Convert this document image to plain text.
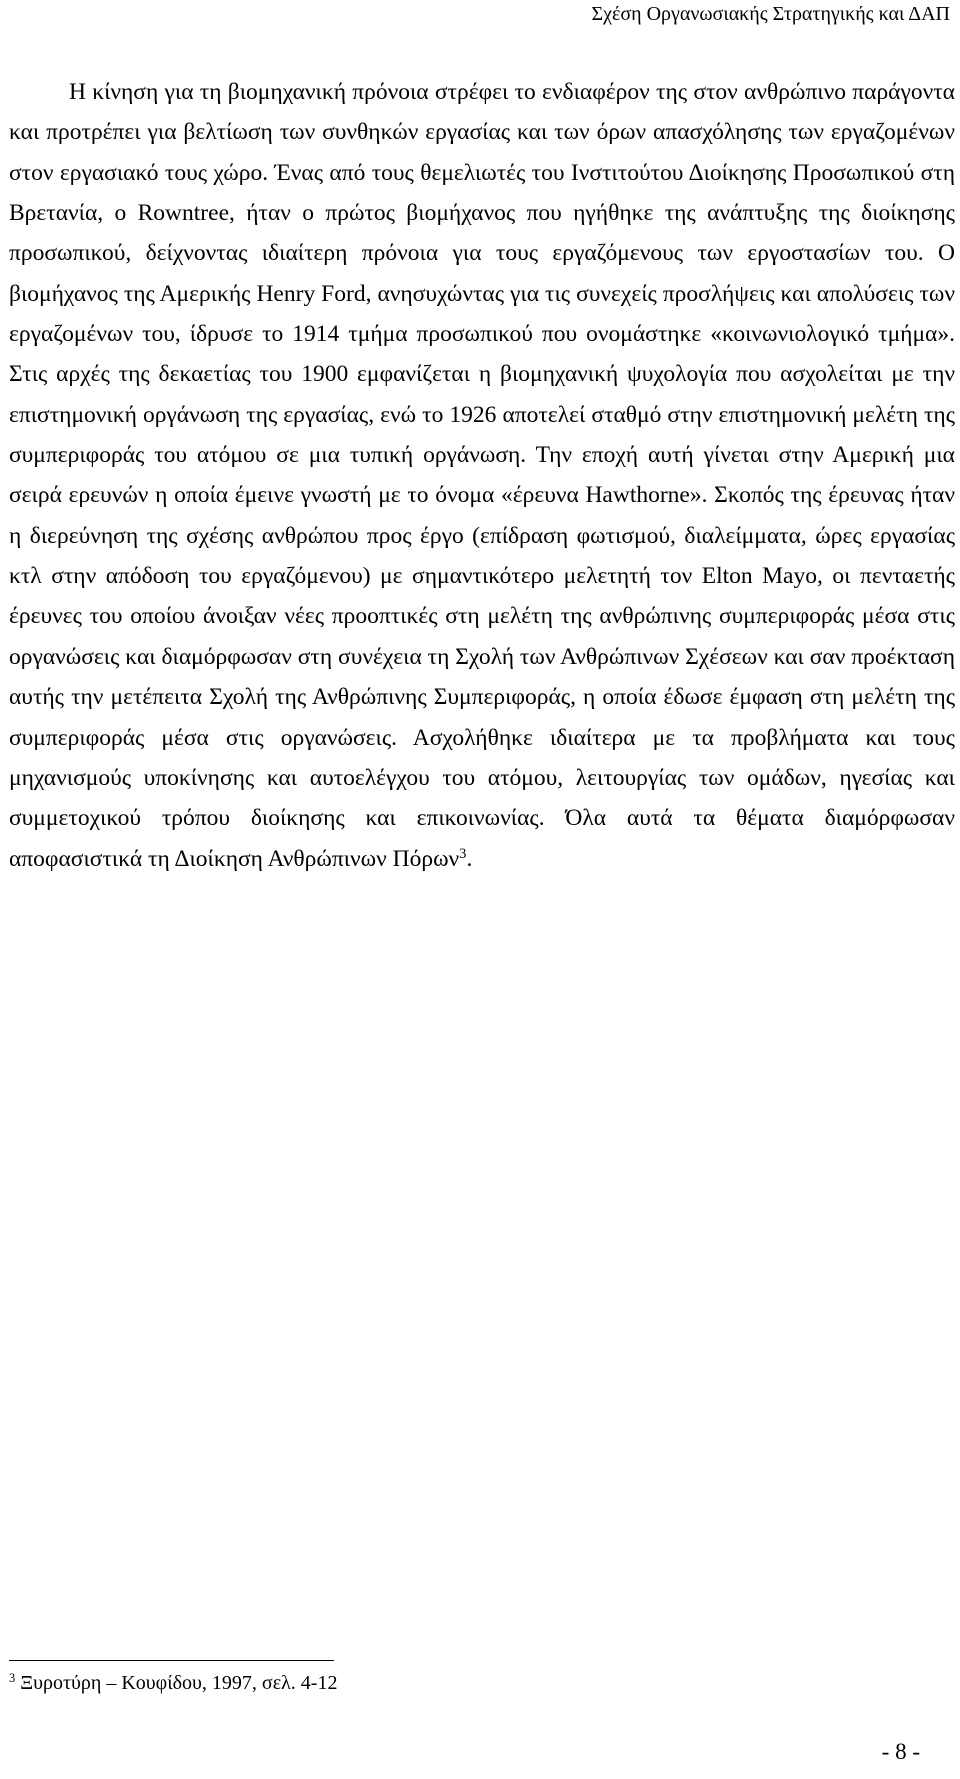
Σχέση Οργανωσιακής Στρατηγικής και ΔΑΠ

Η κίνηση για τη βιομηχανική πρόνοια στρέφει το ενδιαφέρον της στον ανθρώπινο παράγοντα και προτρέπει για βελτίωση των συνθηκών εργασίας και των όρων απασχόλησης των εργαζομένων στον εργασιακό τους χώρο. Ένας από τους θεμελιωτές του Ινστιτούτου Διοίκησης Προσωπικού στη Βρετανία, ο Rowntree, ήταν ο πρώτος βιομήχανος που ηγήθηκε της ανάπτυξης της διοίκησης προσωπικού, δείχνοντας ιδιαίτερη πρόνοια για τους εργαζόμενους των εργοστασίων του. Ο βιομήχανος της Αμερικής Henry Ford, ανησυχώντας για τις συνεχείς προσλήψεις και απολύσεις των εργαζομένων του, ίδρυσε το 1914 τμήμα προσωπικού που ονομάστηκε «κοινωνιολογικό τμήμα». Στις αρχές της δεκαετίας του 1900 εμφανίζεται η βιομηχανική ψυχολογία που ασχολείται με την επιστημονική οργάνωση της εργασίας, ενώ το 1926 αποτελεί σταθμό στην επιστημονική μελέτη της συμπεριφοράς του ατόμου σε μια τυπική οργάνωση. Την εποχή αυτή γίνεται στην Αμερική μια σειρά ερευνών η οποία έμεινε γνωστή με το όνομα «έρευνα Hawthorne». Σκοπός της έρευνας ήταν η διερεύνηση της σχέσης ανθρώπου προς έργο (επίδραση φωτισμού, διαλείμματα, ώρες εργασίας κτλ στην απόδοση του εργαζόμενου) με σημαντικότερο μελετητή τον Elton Mayo, οι πενταετής έρευνες του οποίου άνοιξαν νέες προοπτικές στη μελέτη της ανθρώπινης συμπεριφοράς μέσα στις οργανώσεις και διαμόρφωσαν στη συνέχεια τη Σχολή των Ανθρώπινων Σχέσεων και σαν προέκταση αυτής την μετέπειτα Σχολή της Ανθρώπινης Συμπεριφοράς, η οποία έδωσε έμφαση στη μελέτη της συμπεριφοράς μέσα στις οργανώσεις. Ασχολήθηκε ιδιαίτερα με τα προβλήματα και τους μηχανισμούς υποκίνησης και αυτοελέγχου του ατόμου, λειτουργίας των ομάδων, ηγεσίας και συμμετοχικού τρόπου διοίκησης και επικοινωνίας. Όλα αυτά τα θέματα διαμόρφωσαν αποφασιστικά τη Διοίκηση Ανθρώπινων Πόρων$^3$.

$^3$ Ξυροτύρη – Κουφίδου, 1997, σελ. 4-12
- 8 -
